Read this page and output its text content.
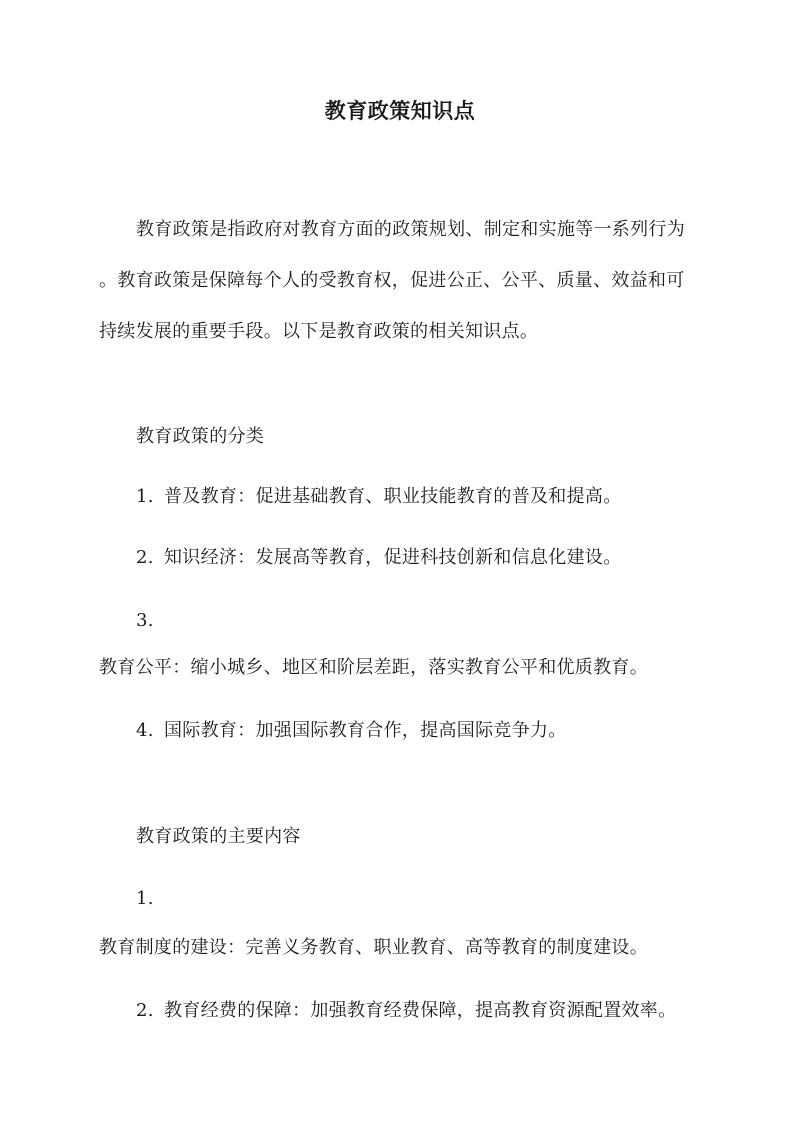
教育政策知识点
教育政策是指政府对教育方面的政策规划、制定和实施等一系列行为
。教育政策是保障每个人的受教育权，促进公正、公平、质量、效益和可
持续发展的重要手段。以下是教育政策的相关知识点。
教育政策的分类
1. 普及教育：促进基础教育、职业技能教育的普及和提高。
2. 知识经济：发展高等教育，促进科技创新和信息化建设。
3.
教育公平：缩小城乡、地区和阶层差距，落实教育公平和优质教育。
4. 国际教育：加强国际教育合作，提高国际竞争力。
教育政策的主要内容
1.
教育制度的建设：完善义务教育、职业教育、高等教育的制度建设。
2. 教育经费的保障：加强教育经费保障，提高教育资源配置效率。
